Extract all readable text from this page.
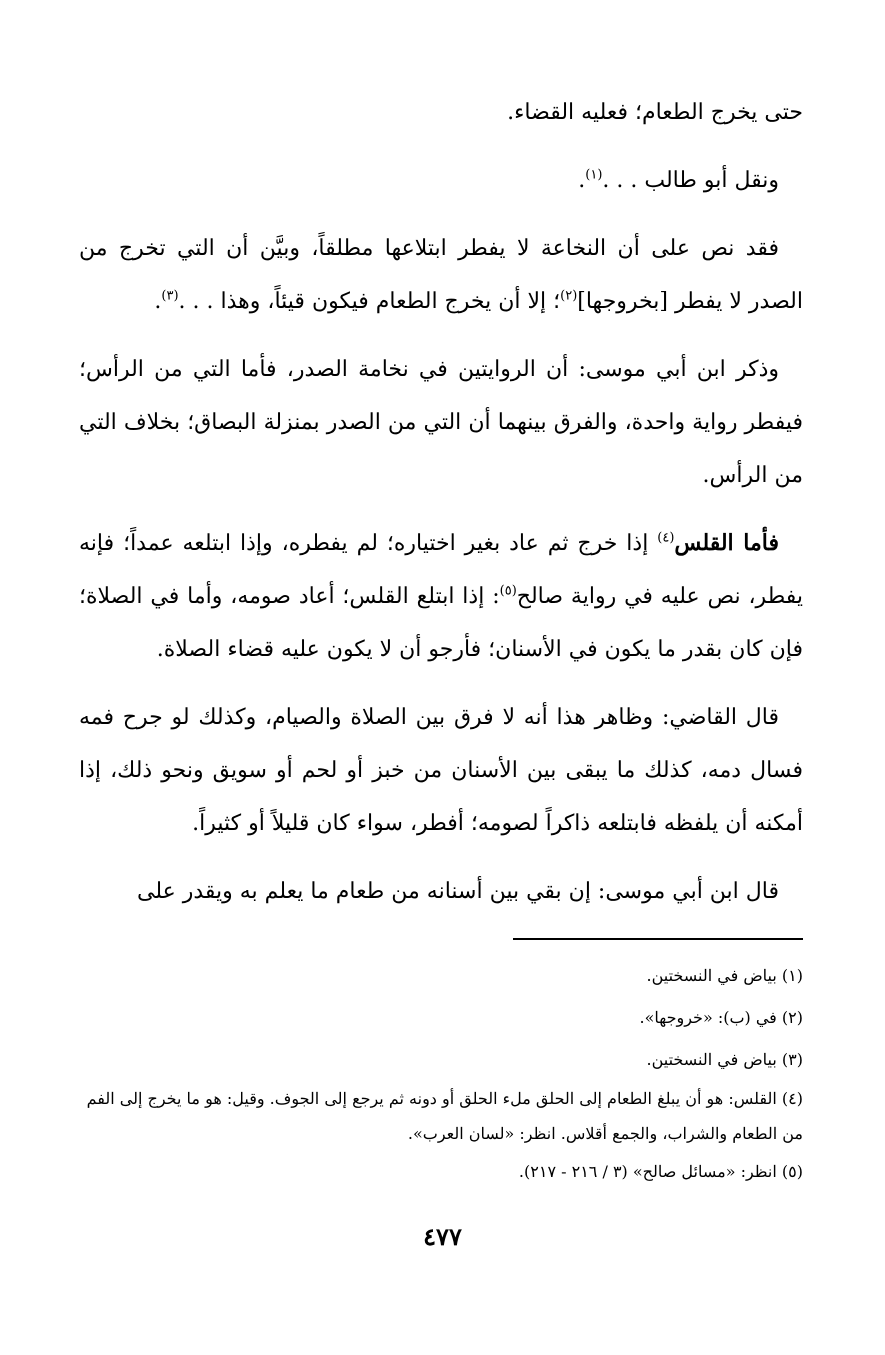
حتى يخرج الطعام؛ فعليه القضاء.

ونقل أبو طالب . . .$^{(١)}$.

فقد نص على أن النخاعة لا يفطر ابتلاعها مطلقاً، وبيَّن أن التي تخرج من الصدر لا يفطر [بخروجها]$^{(٢)}$؛ إلا أن يخرج الطعام فيكون قيئاً، وهذا . . .$^{(٣)}$.

وذكر ابن أبي موسى: أن الروايتين في نخامة الصدر، فأما التي من الرأس؛ فيفطر رواية واحدة، والفرق بينهما أن التي من الصدر بمنزلة البصاق؛ بخلاف التي من الرأس.

فأما القلس$^{(٤)}$ إذا خرج ثم عاد بغير اختياره؛ لم يفطره، وإذا ابتلعه عمداً؛ فإنه يفطر، نص عليه في رواية صالح$^{(٥)}$: إذا ابتلع القلس؛ أعاد صومه، وأما في الصلاة؛ فإن كان بقدر ما يكون في الأسنان؛ فأرجو أن لا يكون عليه قضاء الصلاة.

قال القاضي: وظاهر هذا أنه لا فرق بين الصلاة والصيام، وكذلك لو جرح فمه فسال دمه، كذلك ما يبقى بين الأسنان من خبز أو لحم أو سويق ونحو ذلك، إذا أمكنه أن يلفظه فابتلعه ذاكراً لصومه؛ أفطر، سواء كان قليلاً أو كثيراً.

قال ابن أبي موسى: إن بقي بين أسنانه من طعام ما يعلم به ويقدر على

(١) بياض في النسختين.

(٢) في (ب): «خروجها».

(٣) بياض في النسختين.

(٤) القلس: هو أن يبلغ الطعام إلى الحلق ملء الحلق أو دونه ثم يرجع إلى الجوف. وقيل: هو ما يخرج إلى الفم من الطعام والشراب، والجمع أقلاس. انظر: «لسان العرب».

(٥) انظر: «مسائل صالح» (٣ / ٢١٦ - ٢١٧).

٤٧٧
